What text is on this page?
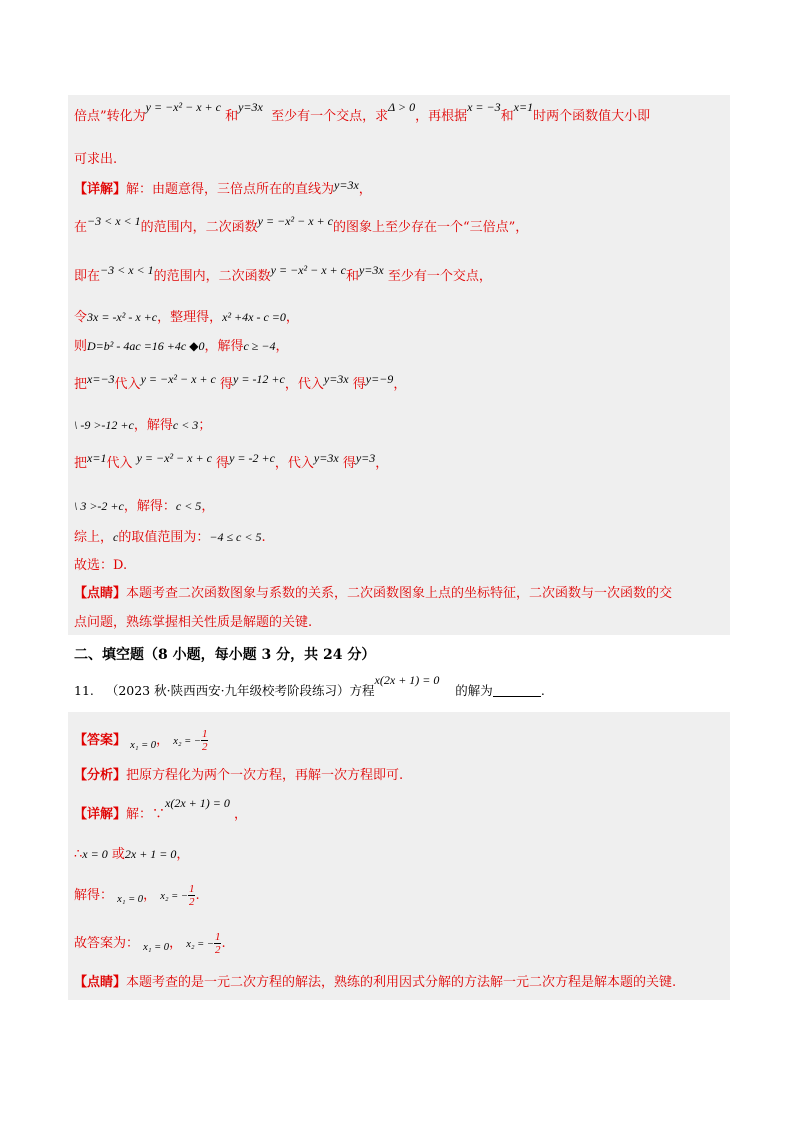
倍点”转化为y = −x² − x + c 和y=3x  至少有一个交点，求Δ > 0，再根据x = −3和x=1时两个函数值大小即
可求出.
【详解】解：由题意得，三倍点所在的直线为y=3x，
在−3 < x < 1的范围内，二次函数y = −x² − x + c的图象上至少存在一个“三倍点”，
即在−3 < x < 1的范围内，二次函数y = −x² − x + c和y=3x 至少有一个交点，
令3x = -x² - x +c，整理得，x² +4x - c =0，
则D=b² - 4ac =16 +4c ◆0，解得c ≥ −4，
把x=−3代入y = −x² − x + c 得y = -12 +c，代入y=3x 得y=−9，
\ -9 >-12 +c，解得c < 3；
把x=1代入 y = −x² − x + c 得y = -2 +c，代入y=3x 得y=3，
\ 3 >-2 +c，解得：c < 5，
综上，c的取值范围为：−4 ≤ c < 5.
故选：D.
【点睛】本题考查二次函数图象与系数的关系，二次函数图象上点的坐标特征，二次函数与一次函数的交
点问题，熟练掌握相关性质是解题的关键.
二、填空题（8 小题，每小题 3 分，共 24 分）
11. （2023 秋·陕西西安·九年级校考阶段练习）方程x(2x + 1) = 0    的解为	.
【答案】 $_{x_1 = 0}$， x₂ = − $\frac{1}{2}$
【分析】把原方程化为两个一次方程，再解一次方程即可.
【详解】解：∵x(2x + 1) = 0 ，
∴x = 0 或2x + 1 = 0，
解得： $_{x_1 = 0}$， x₂ = − $\frac{1}{2}$ .
故答案为： $_{x_1 = 0}$， x₂ = − $\frac{1}{2}$ .
【点睛】本题考查的是一元二次方程的解法，熟练的利用因式分解的方法解一元二次方程是解本题的关键.
